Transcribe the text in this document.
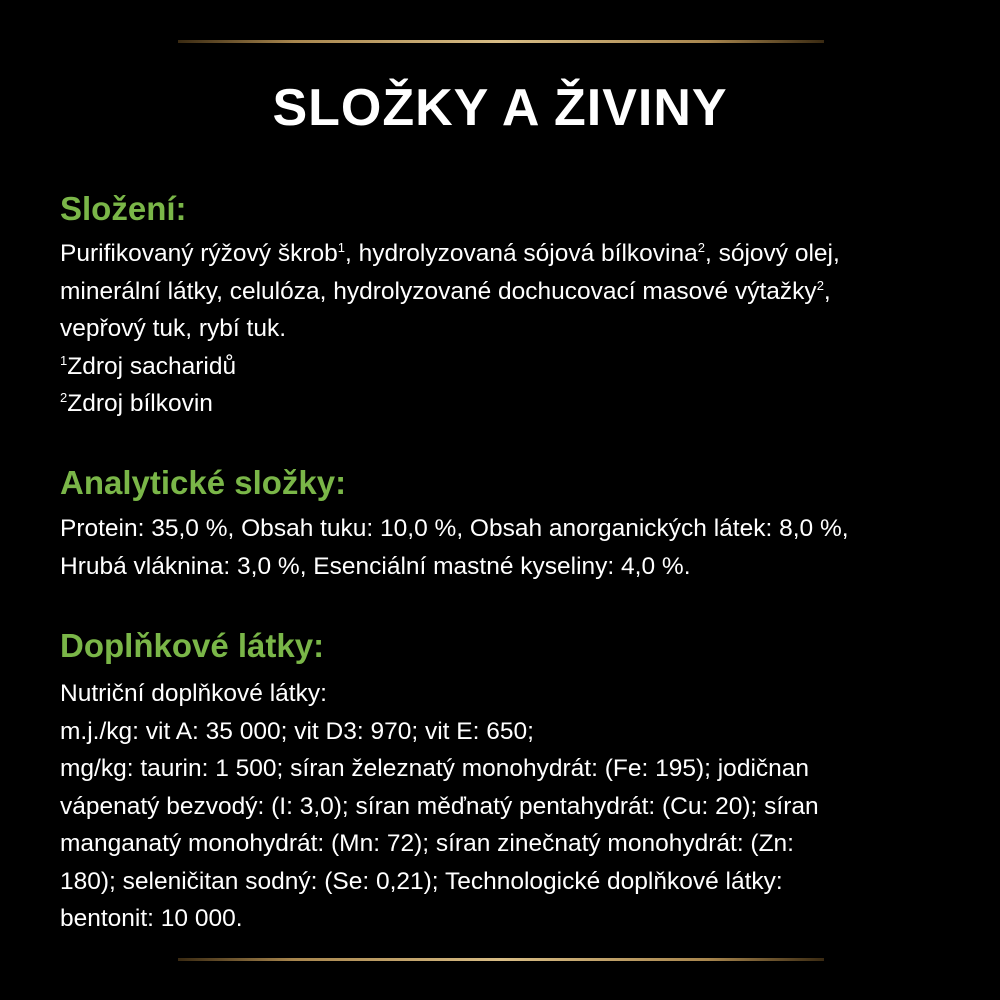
SLOŽKY A ŽIVINY
Složení:
Purifikovaný rýžový škrob$^1$, hydrolyzovaná sójová bílkovina$^2$, sójový olej,
minerální látky, celulóza, hydrolyzované dochucovací masové výtažky$^2$,
vepřový tuk, rybí tuk.
$^1$Zdroj sacharidů
$^2$Zdroj bílkovin
Analytické složky:
Protein: 35,0 %, Obsah tuku: 10,0 %, Obsah anorganických látek: 8,0 %,
Hrubá vláknina: 3,0 %, Esenciální mastné kyseliny: 4,0 %.
Doplňkové látky:
Nutriční doplňkové látky:
m.j./kg: vit A: 35 000; vit D3: 970; vit E: 650;
mg/kg: taurin: 1 500; síran železnatý monohydrát: (Fe: 195); jodičnan
vápenatý bezvodý: (I: 3,0); síran měďnatý pentahydrát: (Cu: 20); síran
manganatý monohydrát: (Mn: 72); síran zinečnatý monohydrát: (Zn:
180); seleničitan sodný: (Se: 0,21); Technologické doplňkové látky:
bentonit: 10 000.
